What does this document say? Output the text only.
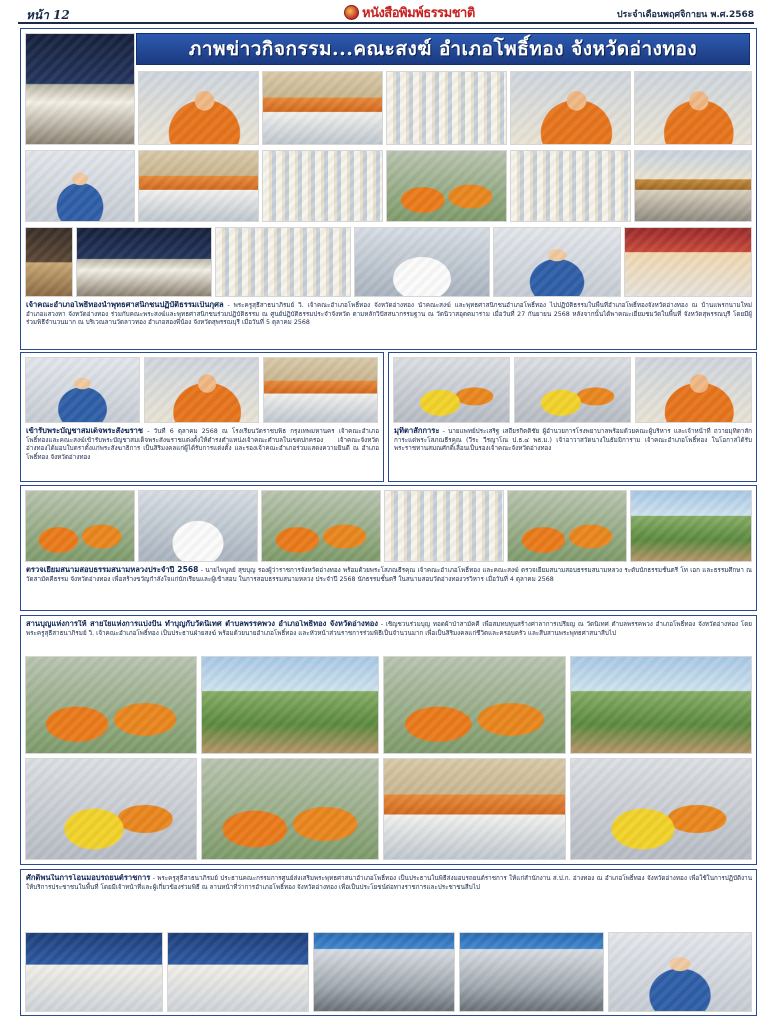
หน้า 12	หนังสือพิมพ์ธรรมชาติ	ประจำเดือนพฤศจิกายน พ.ศ.2568
ภาพข่าวกิจกรรม...คณะสงฆ์ อำเภอโพธิ์ทอง จังหวัดอ่างทอง
เจ้าคณะอำเภอโพธิ์ทองนำพุทธศาสนิกชนปฏิบัติธรรมเป็นกุศล - พระครูสุธีสาธนาภิรมย์ วิ. เจ้าคณะอำเภอโพธิ์ทอง จังหวัดอ่างทอง นำคณะสงฆ์ และพุทธศาสนิกชนอำเภอโพธิ์ทอง ไปปฏิบัติธรรมในพื้นที่อำเภอโพธิ์ทองจังหวัดอ่างทอง ณ บ้านแพรกนามใหม่ อำเภอแสวงหา จังหวัดอ่างทอง ร่วมกับคณะพระสงฆ์และพุทธศาสนิกชนร่วมปฏิบัติธรรม ณ ศูนย์ปฏิบัติธรรมประจำจังหวัด ตามหลักวิปัสสนากรรมฐาน ณ วัดนิวาสอุตตมาราม เมื่อวันที่ 27 กันยายน 2568 หลังจากนั้นได้พาคณะเยี่ยมชมวัดในพื้นที่ จังหวัดสุพรรณบุรี โดยมีผู้ร่วมพิธีจำนวนมาก ณ บริเวณลานวัดลาวทอง อำเภอสองพี่น้อง จังหวัดสุพรรณบุรี เมื่อวันที่ 5 ตุลาคม 2568
เข้ารับพระบัญชาสมเด็จพระสังฆราช - วันที่ 6 ตุลาคม 2568 ณ โรงเรียนวัดราชบพิธ กรุงเทพมหานคร เจ้าคณะอำเภอโพธิ์ทองและคณะสงฆ์เข้ารับพระบัญชาสมเด็จพระสังฆราชแต่งตั้งให้ดำรงตำแหน่งเจ้าคณะตำบลในเขตปกครอง เจ้าคณะจังหวัดอ่างทองได้มอบใบตราตั้งแก่พระสังฆาธิการ เป็นสิริมงคลแก่ผู้ได้รับการแต่งตั้ง และรองเจ้าคณะอำเภอร่วมแสดงความยินดี ณ อำเภอโพธิ์ทอง จังหวัดอ่างทอง
มุทิตาสักการะ - นายแพทย์ประเสริฐ เสถียรกิตติชัย ผู้อำนวยการโรงพยาบาลพร้อมด้วยคณะผู้บริหาร และเจ้าหน้าที่ ถวายมุทิตาสักการะแด่พระโสภณธีรคุณ (วีระ วีรญาโณ ป.ธ.๔ พธ.ม.) เจ้าอาวาสวัดนางในธัมมิการาม เจ้าคณะอำเภอโพธิ์ทอง ในโอกาสได้รับพระราชทานสมณศักดิ์เลื่อนเป็นรองเจ้าคณะจังหวัดอ่างทอง
ตรวจเยี่ยมสนามสอบธรรมสนามหลวงประจำปี 2568 - นายไพบูลย์ สุขบุญ รองผู้ว่าราชการจังหวัดอ่างทอง พร้อมด้วยพระโสภณธีรคุณ เจ้าคณะอำเภอโพธิ์ทอง และคณะสงฆ์ ตรวจเยี่ยมสนามสอบธรรมสนามหลวง ระดับนักธรรมชั้นตรี โท เอก และธรรมศึกษา ณ วัดสามัคคีธรรม จังหวัดอ่างทอง เพื่อสร้างขวัญกำลังใจแก่นักเรียนและผู้เข้าสอบ ในการสอบธรรมสนามหลวง ประจำปี 2568 นักธรรมชั้นตรี ในสนามสอบวัดอ่างทองวรวิหาร เมื่อวันที่ 4 ตุลาคม 2568
สานบุญแห่งการให้ สายใยแห่งการแบ่งปัน ทำบุญกับวัดนิเทศ ตำบลพรรคพวง อำเภอโพธิ์ทอง จังหวัดอ่างทอง - เชิญชวนร่วมบุญ ทอดผ้าป่าสามัคคี เพื่อสมทบทุนสร้างศาลาการเปรียญ ณ วัดนิเทศ ตำบลพรรคพวง อำเภอโพธิ์ทอง จังหวัดอ่างทอง โดยพระครูสุธีสาธนาภิรมย์ วิ. เจ้าคณะอำเภอโพธิ์ทอง เป็นประธานฝ่ายสงฆ์ พร้อมด้วยนายอำเภอโพธิ์ทอง และหัวหน้าส่วนราชการร่วมพิธีเป็นจำนวนมาก เพื่อเป็นสิริมงคลแก่ชีวิตและครอบครัว และสืบสานพระพุทธศาสนาสืบไป
ศักดิ์พนในการโอนมอบรถยนต์ราชการ - พระครูสุธีสาธนาภิรมย์ ประธานคณะกรรมการศูนย์ส่งเสริมพระพุทธศาสนาอำเภอโพธิ์ทอง เป็นประธานในพิธีส่งมอบรถยนต์ราชการ ให้แก่สำนักงาน ส.ป.ก. อ่างทอง ณ อำเภอโพธิ์ทอง จังหวัดอ่างทอง เพื่อใช้ในการปฏิบัติงานให้บริการประชาชนในพื้นที่ โดยมีเจ้าหน้าที่และผู้เกี่ยวข้องร่วมพิธี ณ ลานหน้าที่ว่าการอำเภอโพธิ์ทอง จังหวัดอ่างทอง เพื่อเป็นประโยชน์ต่อทางราชการและประชาชนสืบไป
